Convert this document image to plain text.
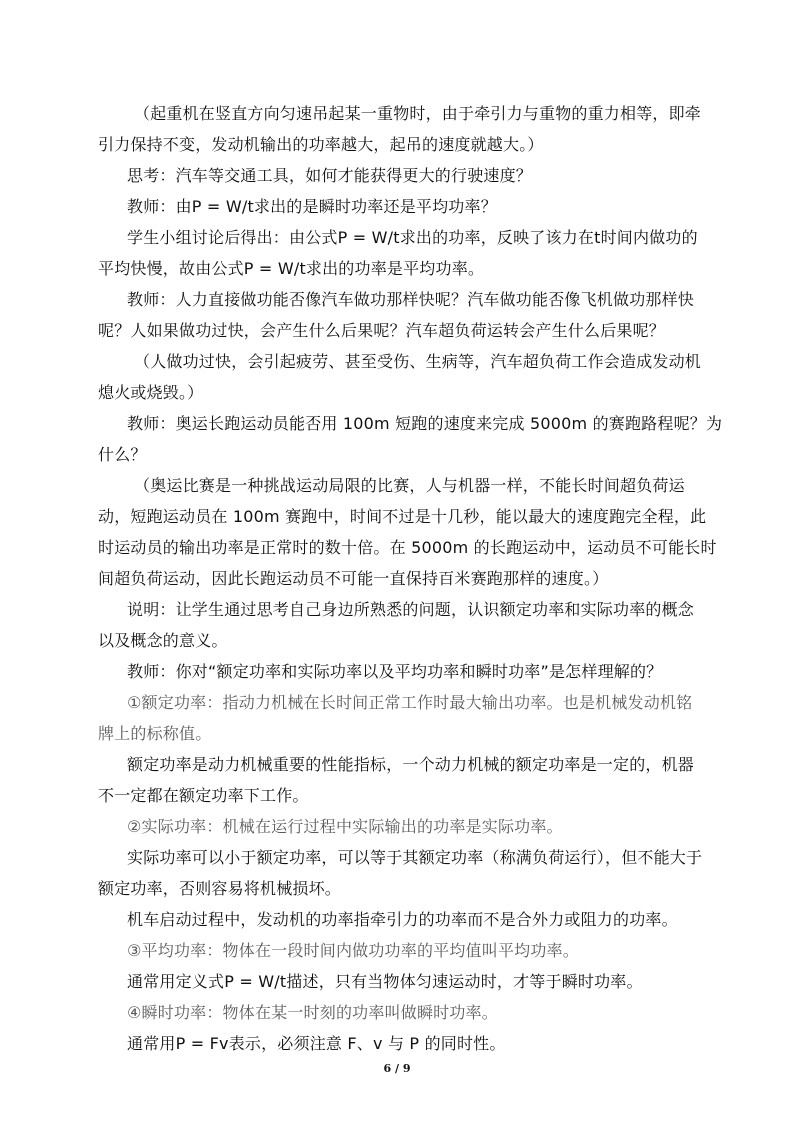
（起重机在竖直方向匀速吊起某一重物时，由于牵引力与重物的重力相等，即牵
引力保持不变，发动机输出的功率越大，起吊的速度就越大。）
思考：汽车等交通工具，如何才能获得更大的行驶速度？
教师：由P = W/t求出的是瞬时功率还是平均功率？
学生小组讨论后得出：由公式P = W/t求出的功率，反映了该力在t时间内做功的
平均快慢，故由公式P = W/t求出的功率是平均功率。
教师：人力直接做功能否像汽车做功那样快呢？汽车做功能否像飞机做功那样快
呢？人如果做功过快，会产生什么后果呢？汽车超负荷运转会产生什么后果呢？
（人做功过快，会引起疲劳、甚至受伤、生病等，汽车超负荷工作会造成发动机
熄火或烧毁。）
教师：奥运长跑运动员能否用 100m 短跑的速度来完成 5000m 的赛跑路程呢？为
什么？
（奥运比赛是一种挑战运动局限的比赛，人与机器一样，不能长时间超负荷运
动，短跑运动员在 100m 赛跑中，时间不过是十几秒，能以最大的速度跑完全程，此
时运动员的输出功率是正常时的数十倍。在 5000m 的长跑运动中，运动员不可能长时
间超负荷运动，因此长跑运动员不可能一直保持百米赛跑那样的速度。）
说明：让学生通过思考自己身边所熟悉的问题，认识额定功率和实际功率的概念
以及概念的意义。
教师：你对“额定功率和实际功率以及平均功率和瞬时功率”是怎样理解的？
①额定功率：指动力机械在长时间正常工作时最大输出功率。也是机械发动机铭
牌上的标称值。
额定功率是动力机械重要的性能指标，一个动力机械的额定功率是一定的，机器
不一定都在额定功率下工作。
②实际功率：机械在运行过程中实际输出的功率是实际功率。
实际功率可以小于额定功率，可以等于其额定功率（称满负荷运行），但不能大于
额定功率，否则容易将机械损坏。
机车启动过程中，发动机的功率指牵引力的功率而不是合外力或阻力的功率。
③平均功率：物体在一段时间内做功功率的平均值叫平均功率。
通常用定义式P = W/t描述，只有当物体匀速运动时，才等于瞬时功率。
④瞬时功率：物体在某一时刻的功率叫做瞬时功率。
通常用P = Fv表示，必须注意 F、v 与 P 的同时性。
6 / 9
